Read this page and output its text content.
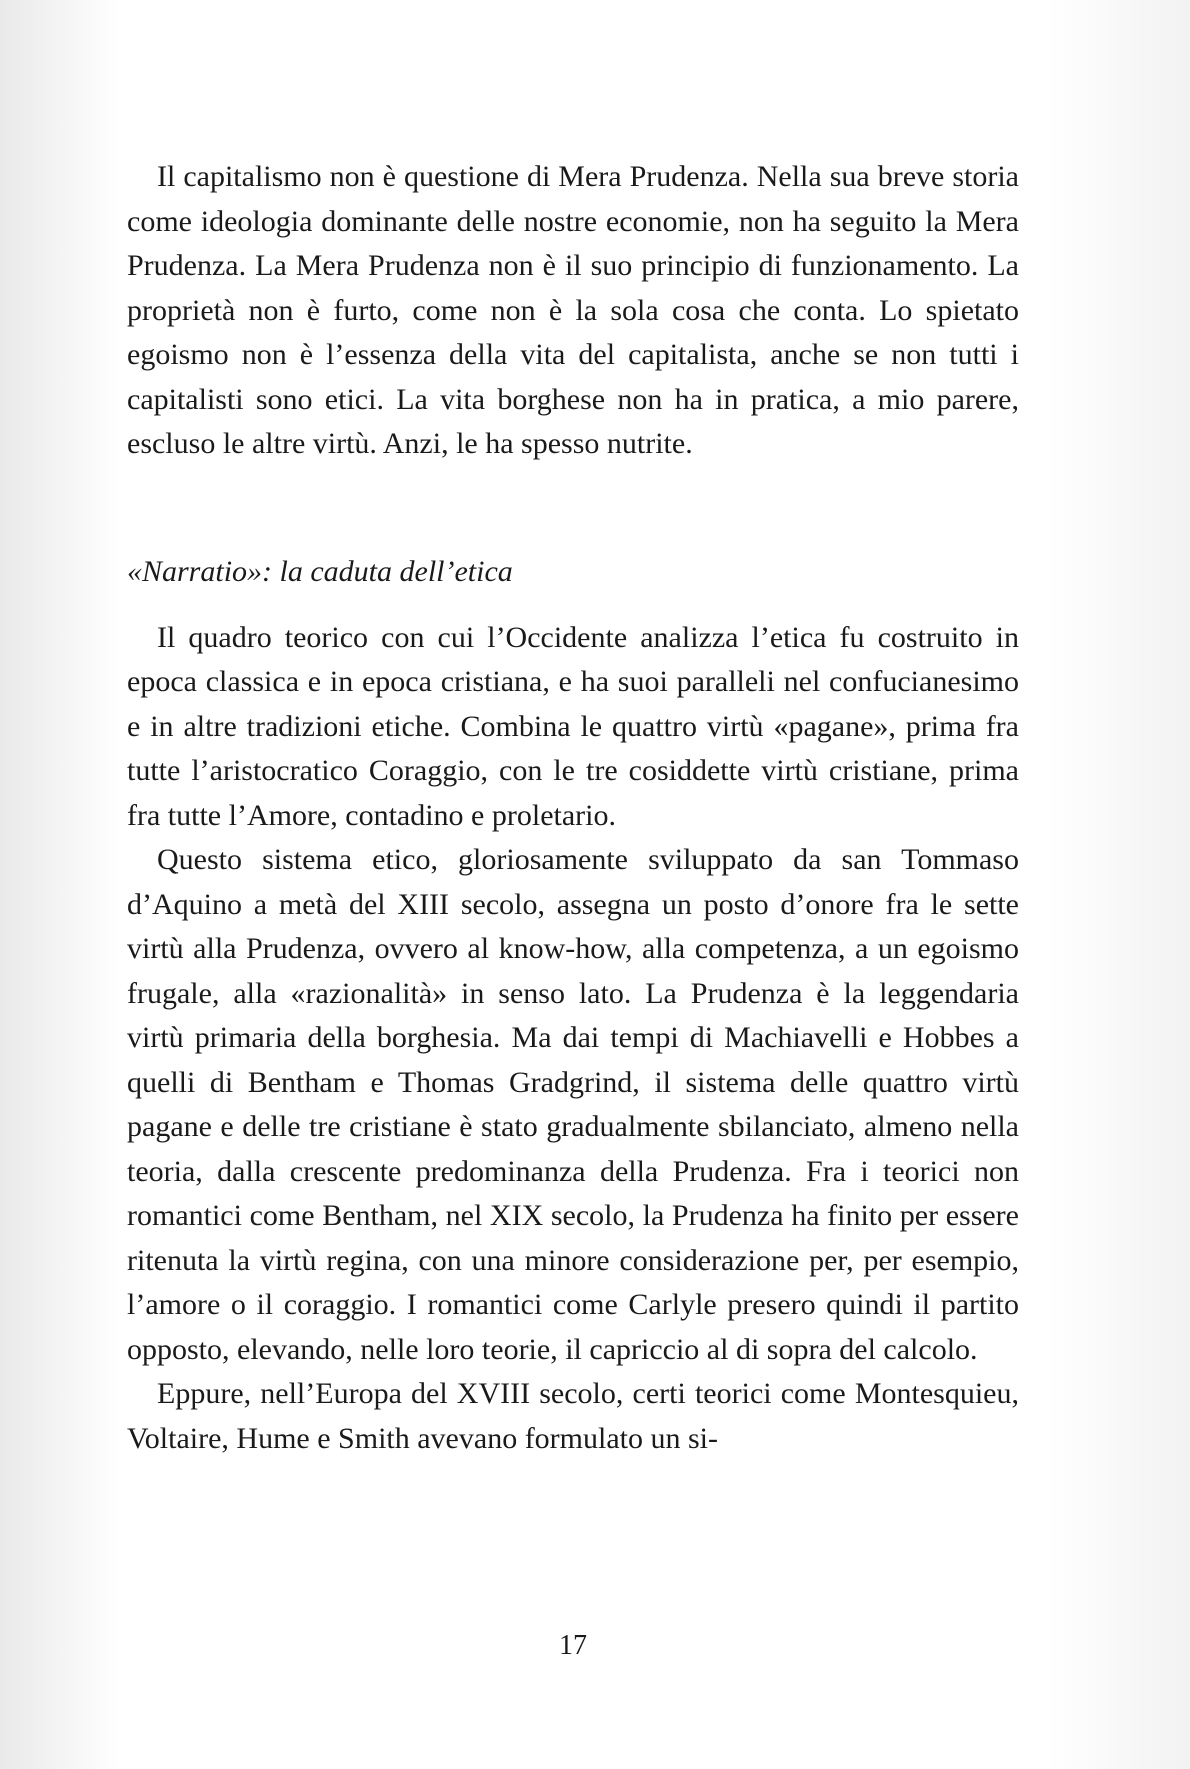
Il capitalismo non è questione di Mera Prudenza. Nella sua breve storia come ideologia dominante delle nostre economie, non ha seguito la Mera Prudenza. La Mera Prudenza non è il suo principio di funzionamento. La proprietà non è furto, come non è la sola cosa che conta. Lo spietato egoismo non è l’essenza della vita del capitalista, anche se non tutti i capitalisti sono etici. La vita borghese non ha in pratica, a mio parere, escluso le altre virtù. Anzi, le ha spesso nutrite.

«Narratio»: la caduta dell’etica

Il quadro teorico con cui l’Occidente analizza l’etica fu costruito in epoca classica e in epoca cristiana, e ha suoi paralleli nel confucianesimo e in altre tradizioni etiche. Combina le quattro virtù «pagane», prima fra tutte l’aristocratico Coraggio, con le tre cosiddette virtù cristiane, prima fra tutte l’Amore, contadino e proletario.

Questo sistema etico, gloriosamente sviluppato da san Tommaso d’Aquino a metà del XIII secolo, assegna un posto d’onore fra le sette virtù alla Prudenza, ovvero al know-how, alla competenza, a un egoismo frugale, alla «razionalità» in senso lato. La Prudenza è la leggendaria virtù primaria della borghesia. Ma dai tempi di Machiavelli e Hobbes a quelli di Bentham e Thomas Gradgrind, il sistema delle quattro virtù pagane e delle tre cristiane è stato gradualmente sbilanciato, almeno nella teoria, dalla crescente predominanza della Prudenza. Fra i teorici non romantici come Bentham, nel XIX secolo, la Prudenza ha finito per essere ritenuta la virtù regina, con una minore considerazione per, per esempio, l’amore o il coraggio. I romantici come Carlyle presero quindi il partito opposto, elevando, nelle loro teorie, il capriccio al di sopra del calcolo.

Eppure, nell’Europa del XVIII secolo, certi teorici come Montesquieu, Voltaire, Hume e Smith avevano formulato un si-

17
